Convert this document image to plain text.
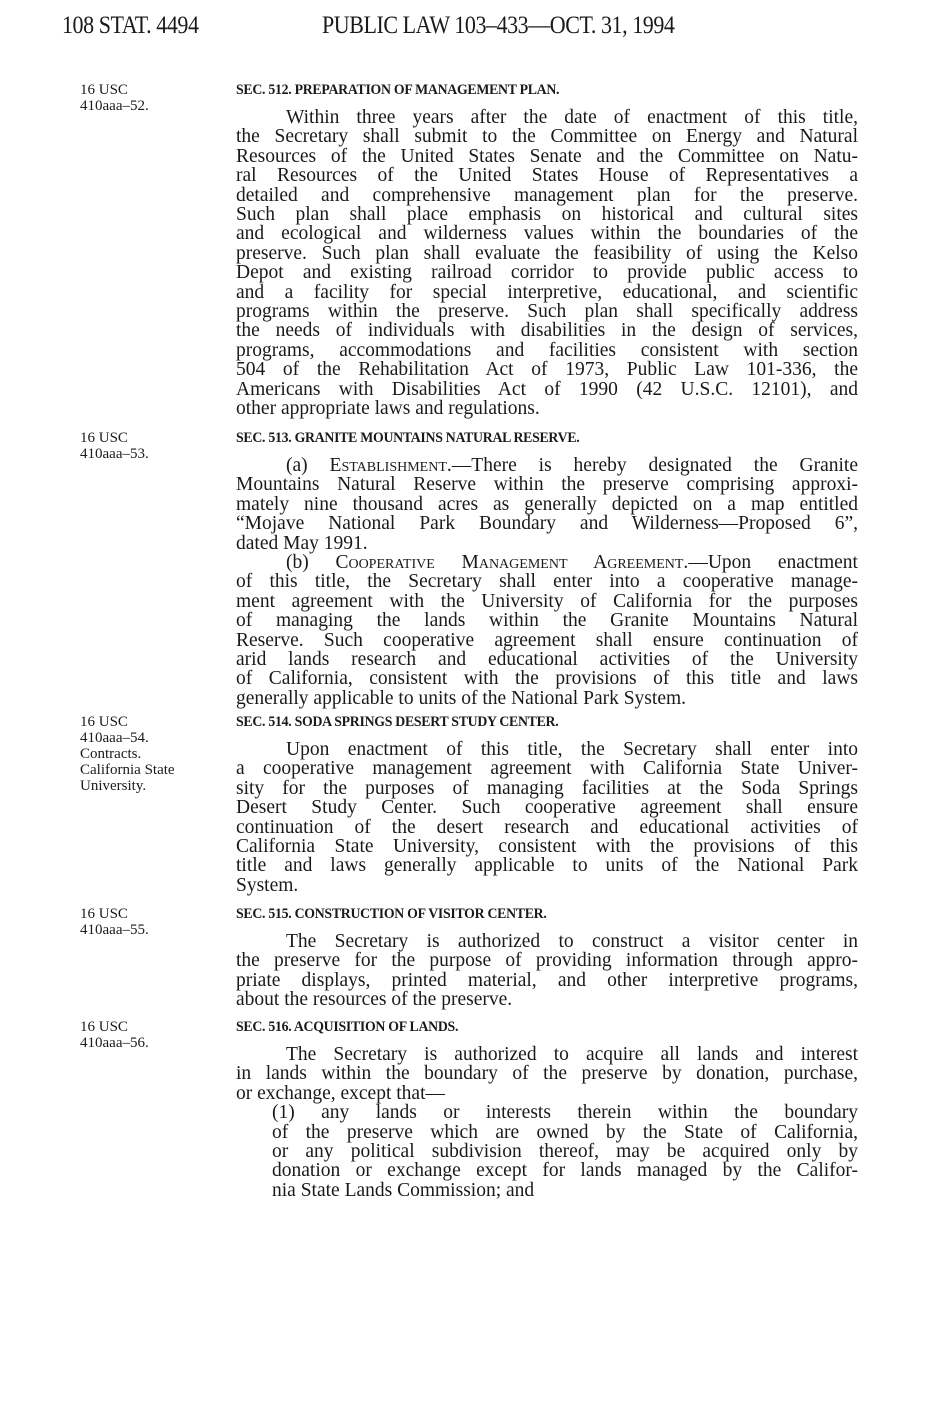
108 STAT. 4494	PUBLIC LAW 103–433—OCT. 31, 1994
16 USC
410aaa–52.
SEC. 512. PREPARATION OF MANAGEMENT PLAN.
Within three years after the date of enactment of this title,
the Secretary shall submit to the Committee on Energy and Natural
Resources of the United States Senate and the Committee on Natu-
ral Resources of the United States House of Representatives a
detailed and comprehensive management plan for the preserve.
Such plan shall place emphasis on historical and cultural sites
and ecological and wilderness values within the boundaries of the
preserve. Such plan shall evaluate the feasibility of using the Kelso
Depot and existing railroad corridor to provide public access to
and a facility for special interpretive, educational, and scientific
programs within the preserve. Such plan shall specifically address
the needs of individuals with disabilities in the design of services,
programs, accommodations and facilities consistent with section
504 of the Rehabilitation Act of 1973, Public Law 101-336, the
Americans with Disabilities Act of 1990 (42 U.S.C. 12101), and
other appropriate laws and regulations.
16 USC
410aaa–53.
SEC. 513. GRANITE MOUNTAINS NATURAL RESERVE.
(a) Establishment.—There is hereby designated the Granite
Mountains Natural Reserve within the preserve comprising approxi-
mately nine thousand acres as generally depicted on a map entitled
“Mojave National Park Boundary and Wilderness—Proposed 6”,
dated May 1991.
(b) Cooperative Management Agreement.—Upon enactment
of this title, the Secretary shall enter into a cooperative manage-
ment agreement with the University of California for the purposes
of managing the lands within the Granite Mountains Natural
Reserve. Such cooperative agreement shall ensure continuation of
arid lands research and educational activities of the University
of California, consistent with the provisions of this title and laws
generally applicable to units of the National Park System.
16 USC
410aaa–54.
Contracts.
California State
University.
SEC. 514. SODA SPRINGS DESERT STUDY CENTER.
Upon enactment of this title, the Secretary shall enter into
a cooperative management agreement with California State Univer-
sity for the purposes of managing facilities at the Soda Springs
Desert Study Center. Such cooperative agreement shall ensure
continuation of the desert research and educational activities of
California State University, consistent with the provisions of this
title and laws generally applicable to units of the National Park
System.
16 USC
410aaa–55.
SEC. 515. CONSTRUCTION OF VISITOR CENTER.
The Secretary is authorized to construct a visitor center in
the preserve for the purpose of providing information through appro-
priate displays, printed material, and other interpretive programs,
about the resources of the preserve.
16 USC
410aaa–56.
SEC. 516. ACQUISITION OF LANDS.
The Secretary is authorized to acquire all lands and interest
in lands within the boundary of the preserve by donation, purchase,
or exchange, except that—
(1) any lands or interests therein within the boundary
of the preserve which are owned by the State of California,
or any political subdivision thereof, may be acquired only by
donation or exchange except for lands managed by the Califor-
nia State Lands Commission; and
